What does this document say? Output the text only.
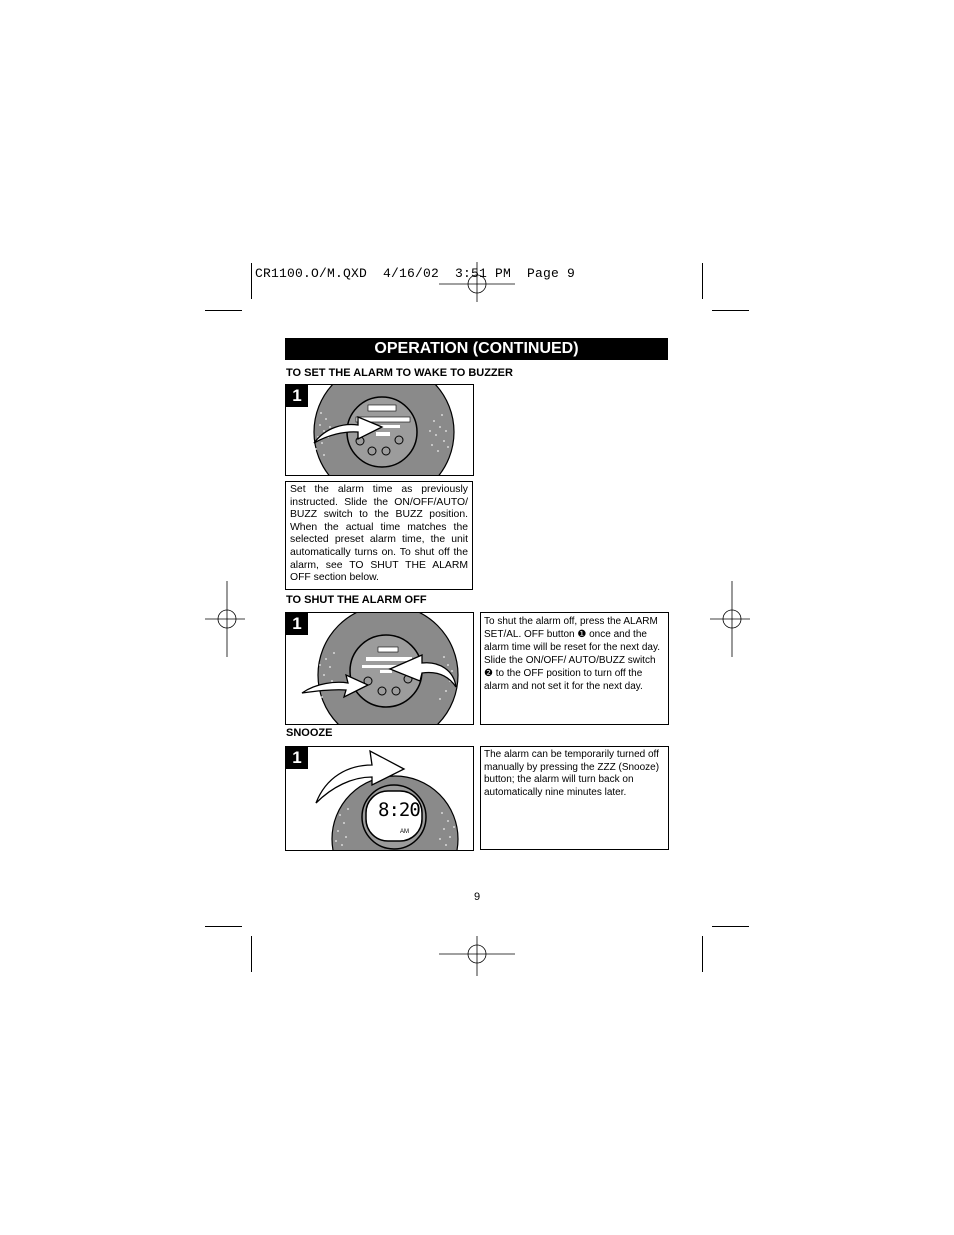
CR1100.O/M.QXD  4/16/02  3:51 PM  Page 9
OPERATION (CONTINUED)
TO SET THE ALARM TO WAKE TO BUZZER
1
Set the alarm time as previously instructed. Slide the ON/OFF/AUTO/ BUZZ switch to the BUZZ position. When the actual time matches the selected preset alarm time, the unit automatically turns on. To shut off the alarm, see TO SHUT THE ALARM OFF section below.
TO SHUT THE ALARM OFF
1	To shut the alarm off, press the ALARM SET/AL. OFF button ❶ once and the alarm time will be reset for the next day. Slide the ON/OFF/ AUTO/BUZZ switch ❷ to the OFF position to turn off the alarm and not set it for the next day.
SNOOZE
8:20
AM
1	The alarm can be temporarily turned off manually by pressing the ZZZ (Snooze) button; the alarm will turn back on automatically nine minutes later.
9
